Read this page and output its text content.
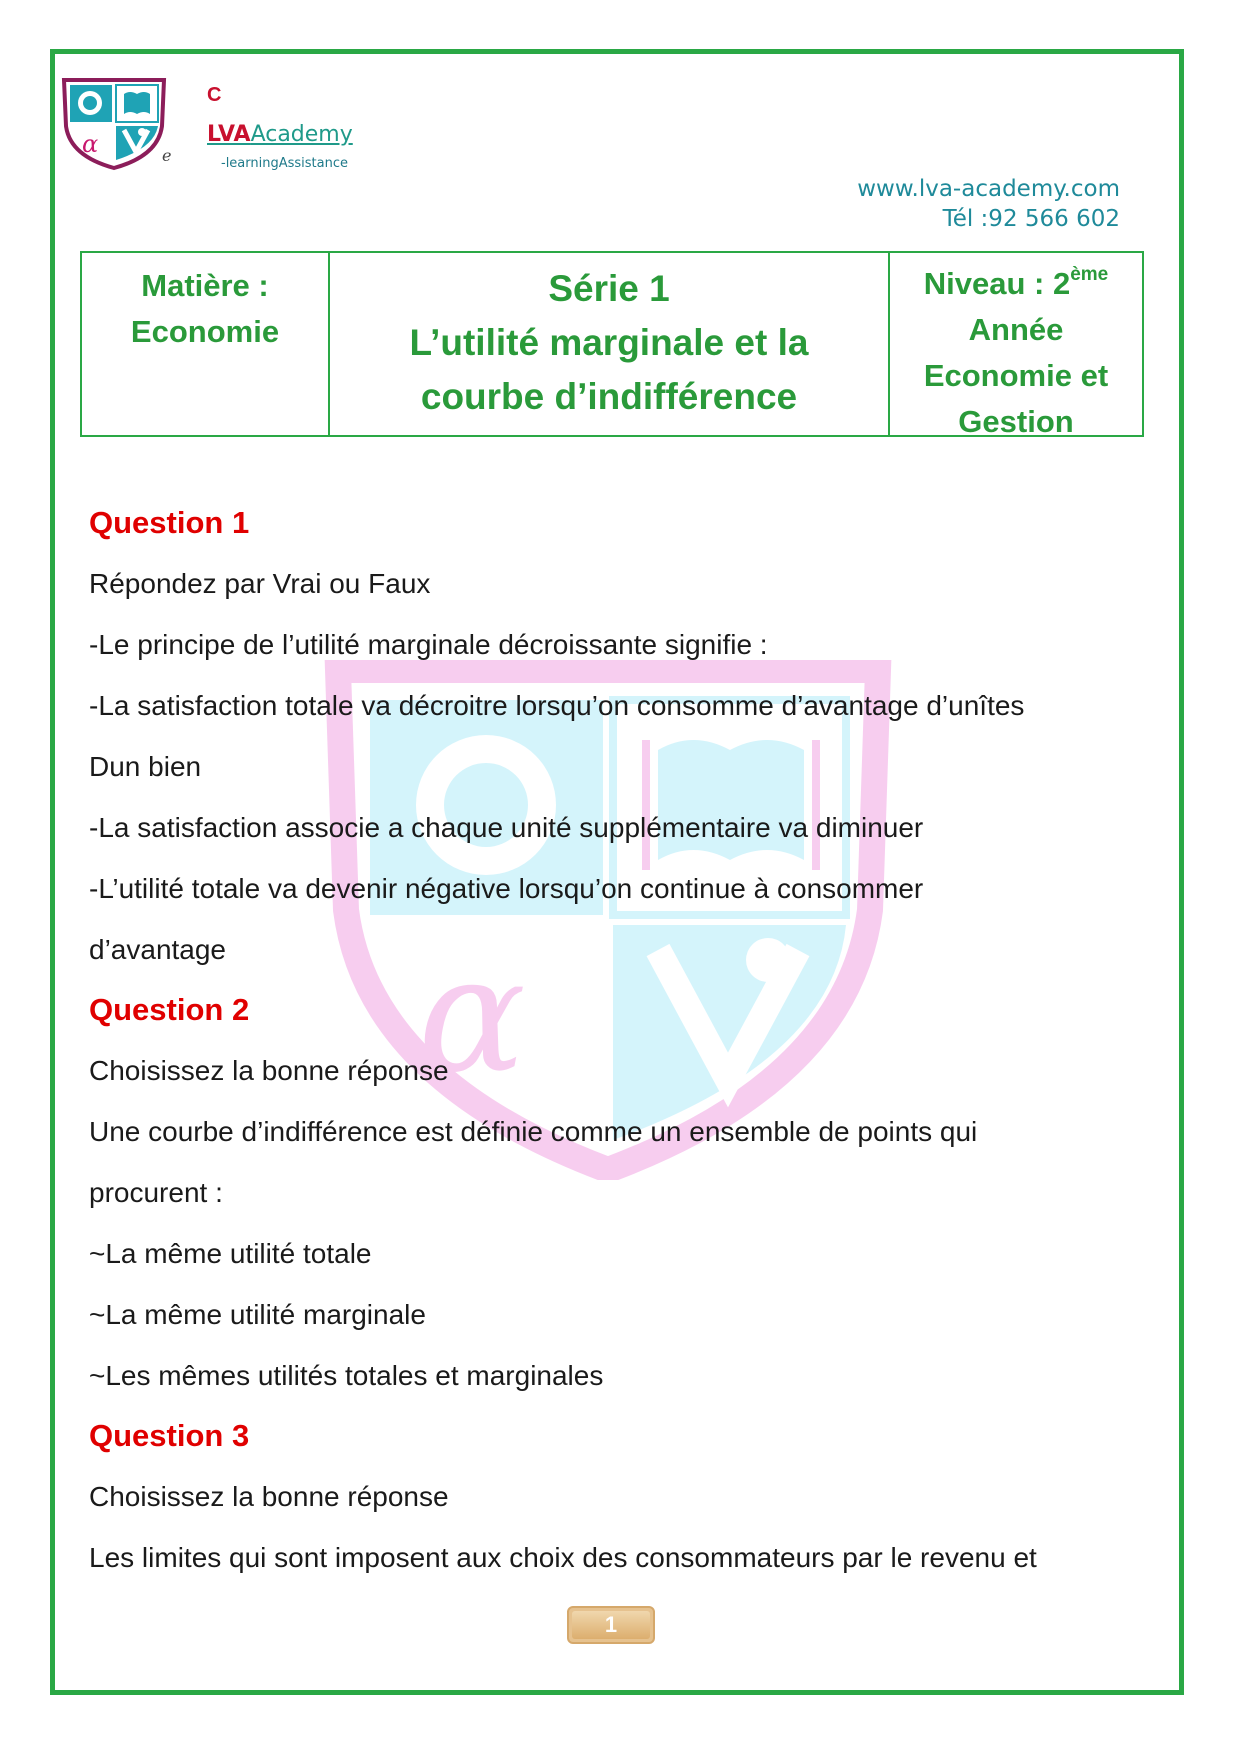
α	e
C
LVAAcademy
-learningAssistance
www.lva-academy.com
Tél :92 566 602
Matière :
Economie
Série 1
L’utilité marginale et la
courbe d’indifférence
Niveau : 2ème
Année
Economie et
Gestion
α
Question 1
Répondez par Vrai ou Faux
-Le principe de l’utilité marginale décroissante signifie :
-La satisfaction totale va décroitre lorsqu’on consomme d’avantage d’unîtes
Dun bien
-La satisfaction associe a chaque unité supplémentaire va diminuer
-L’utilité totale va devenir négative lorsqu’on continue à consommer
d’avantage
Question 2
Choisissez la bonne réponse
Une courbe d’indifférence est définie comme un ensemble de points qui
procurent :
~La même utilité totale
~La même utilité marginale
~Les mêmes utilités totales et marginales
Question 3
Choisissez la bonne réponse
Les limites qui sont imposent aux choix des consommateurs par le revenu et
1
